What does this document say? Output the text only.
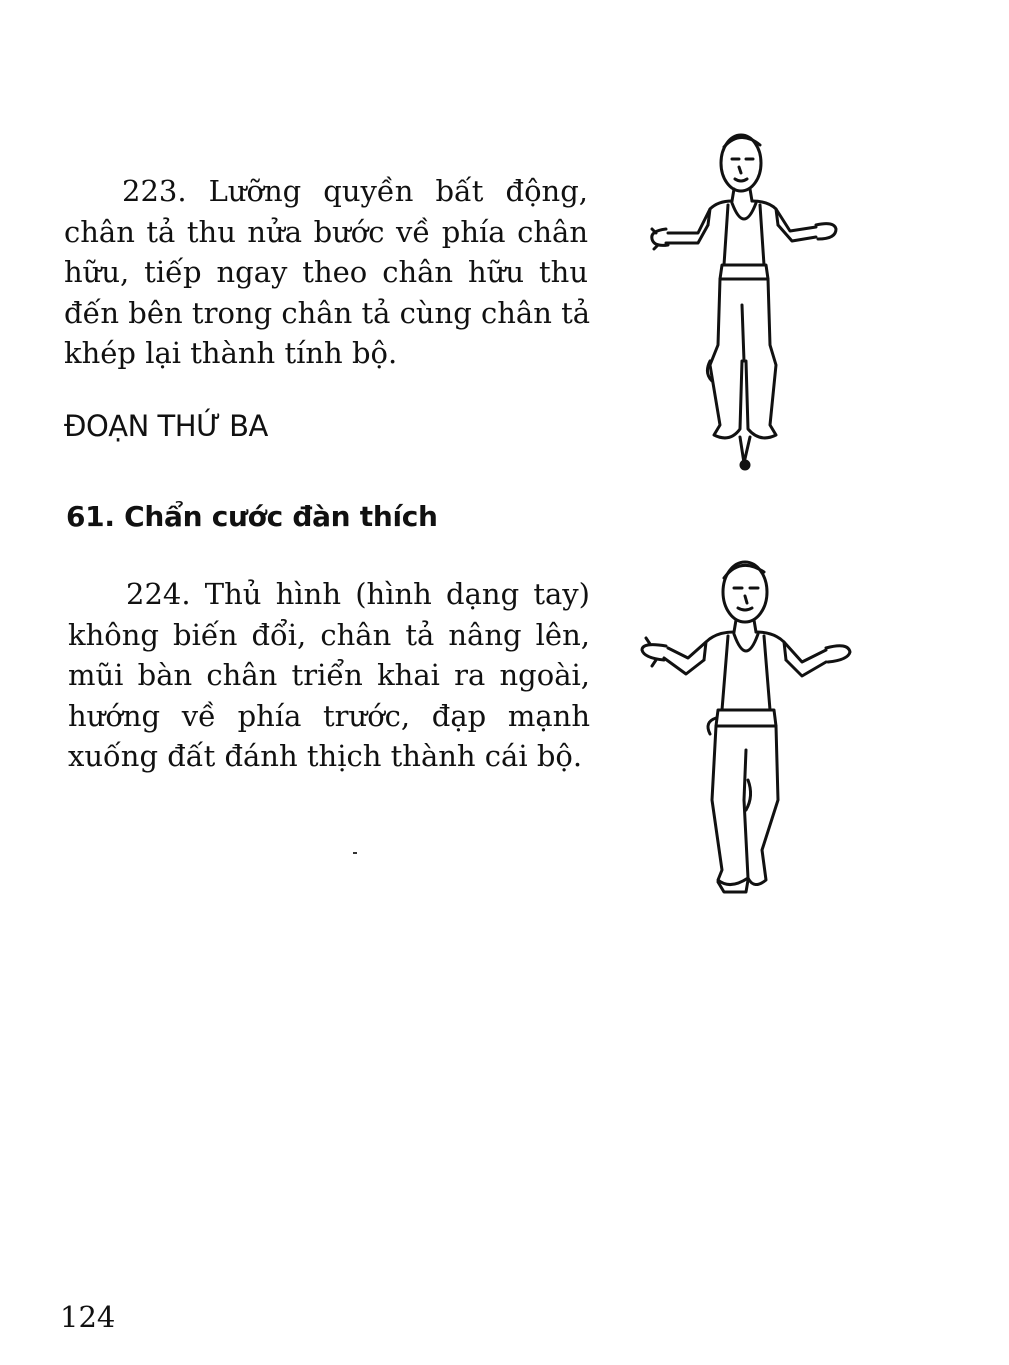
223. Lưỡng quyền bất động,
chân tả thu nửa bước về phía chân
hữu, tiếp ngay theo chân hữu thu
đến bên trong chân tả cùng chân tả
khép lại thành tính bộ.
ĐOẠN THỨ BA
61. Chẩn cước đàn thích
224. Thủ hình (hình dạng tay)
không biến đổi, chân tả nâng lên,
mũi bàn chân triển khai ra ngoài,
hướng về phía trước, đạp mạnh
xuống đất đánh thịch thành cái bộ.
124
